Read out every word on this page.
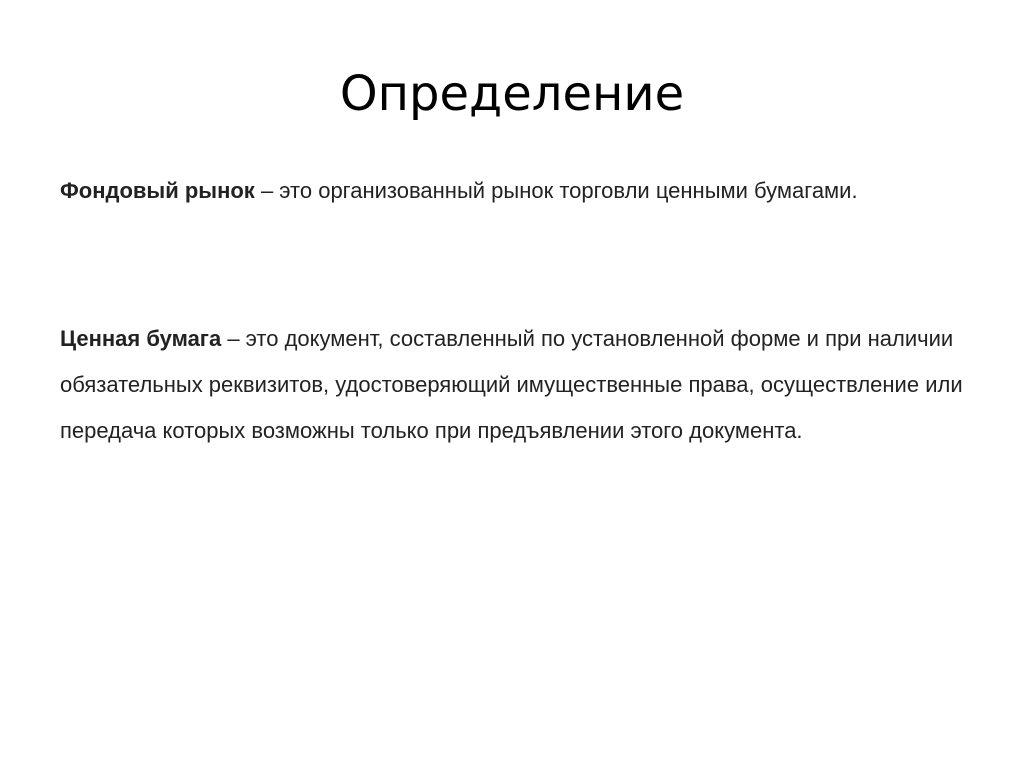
Определение

Фондовый рынок – это организованный рынок торговли ценными бумагами.

Ценная бумага – это документ, составленный по установленной форме и при наличии обязательных реквизитов, удостоверяющий имущественные права, осуществление или передача которых возможны только при предъявлении этого документа.
